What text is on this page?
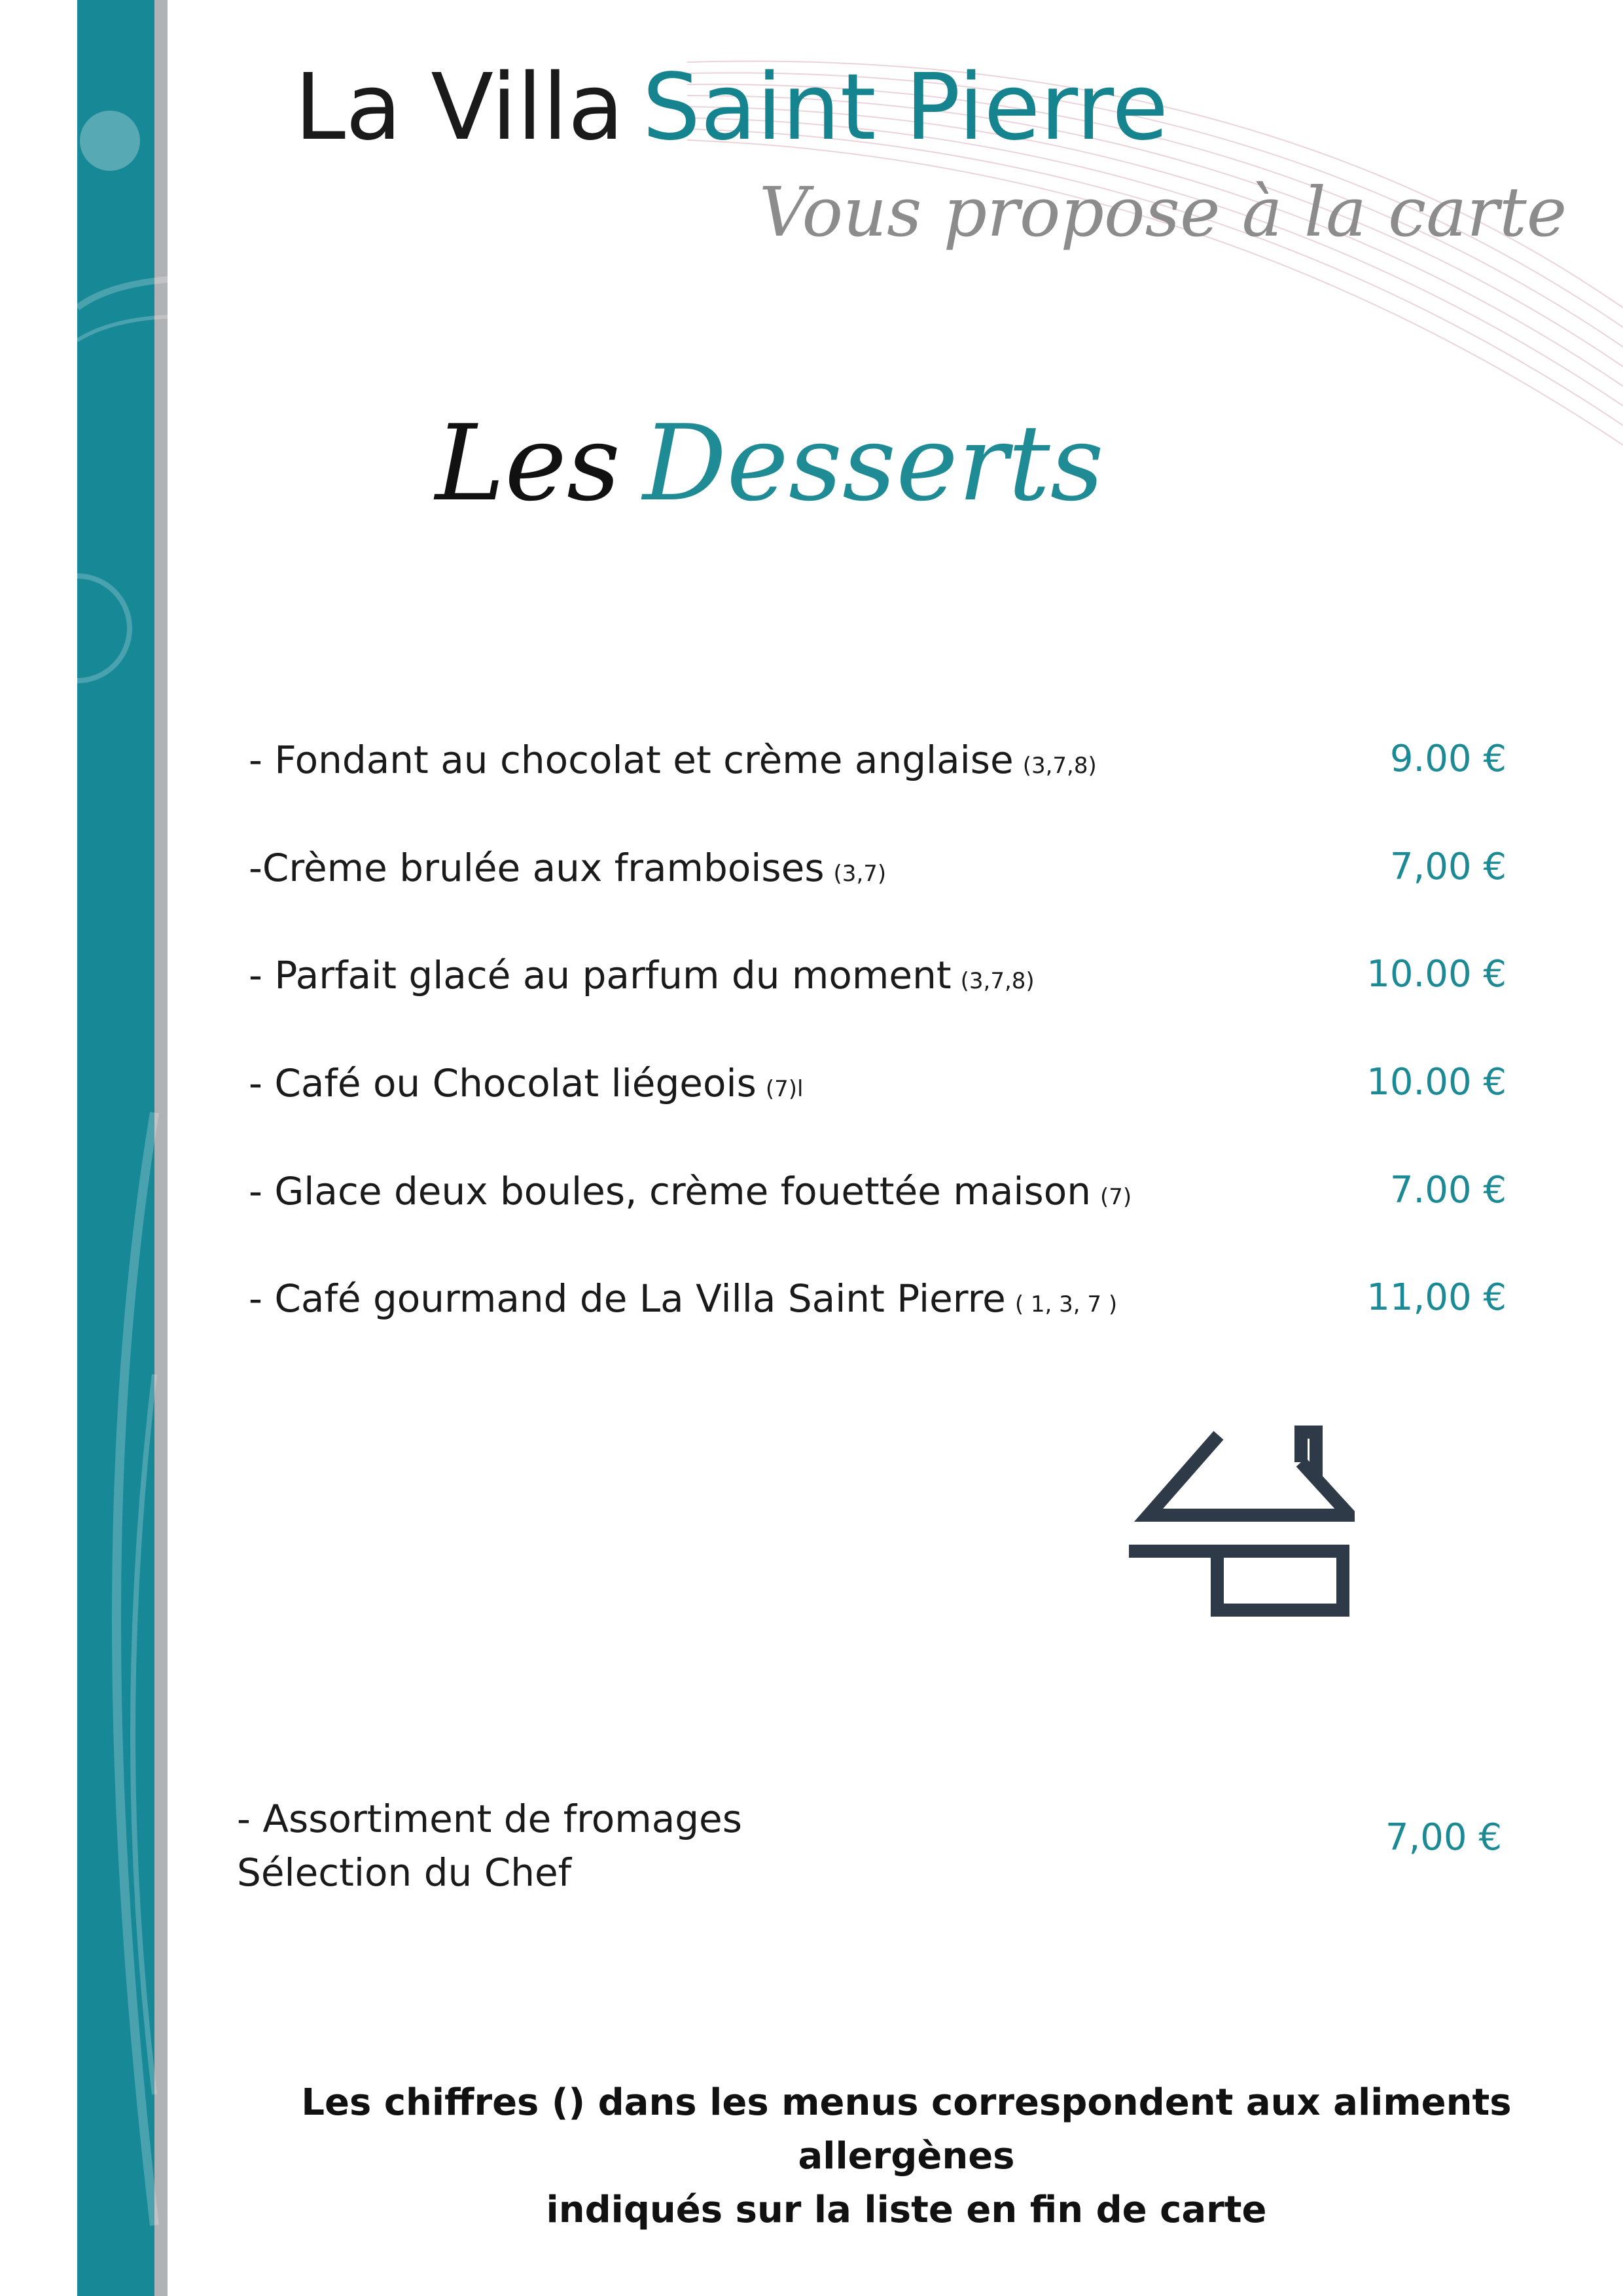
La Villa Saint Pierre

Vous propose à la carte

Les Desserts
- Fondant au chocolat et crème anglaise (3,7,8)	9.00 €
-Crème brulée aux framboises (3,7)	7,00 €
- Parfait glacé au parfum du moment (3,7,8)	10.00 €
- Café ou Chocolat liégeois (7)l	10.00 €
- Glace deux boules, crème fouettée maison (7)	7.00 €
- Café gourmand de La Villa Saint Pierre ( 1, 3, 7 )	11,00 €
- Assortiment de fromages
Sélection du Chef
7,00 €

Les chiffres () dans les menus correspondent aux aliments allergènes
indiqués sur la liste en fin de carte
